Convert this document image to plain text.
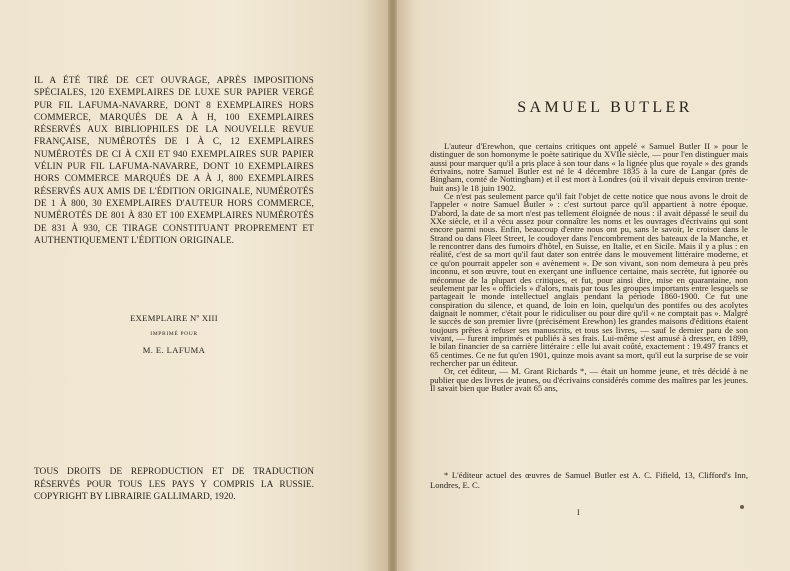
IL A ÉTÉ TIRÉ DE CET OUVRAGE, APRÈS IMPOSITIONS SPÉCIALES, 120 EXEMPLAIRES DE LUXE SUR PAPIER VERGÉ PUR FIL LAFUMA-NAVARRE, DONT 8 EXEMPLAIRES HORS COMMERCE, MARQUÉS DE A À H, 100 EXEMPLAIRES RÉSERVÉS AUX BIBLIOPHILES DE LA NOUVELLE REVUE FRANÇAISE, NUMÉROTÉS DE I À C, 12 EXEMPLAIRES NUMÉROTÉS DE CI À CXII ET 940 EXEMPLAIRES SUR PAPIER VÉLIN PUR FIL LAFUMA-NAVARRE, DONT 10 EXEMPLAIRES HORS COMMERCE MARQUÉS DE A À J, 800 EXEMPLAIRES RÉSERVÉS AUX AMIS DE L'ÉDITION ORIGINALE, NUMÉROTÉS DE 1 À 800, 30 EXEMPLAIRES D'AUTEUR HORS COMMERCE, NUMÉROTÉS DE 801 À 830 ET 100 EXEMPLAIRES NUMÉROTÉS DE 831 À 930, CE TIRAGE CONSTITUANT PROPREMENT ET AUTHENTIQUEMENT L'ÉDITION ORIGINALE.

EXEMPLAIRE Nº XIII
IMPRIMÉ POUR
M. E. LAFUMA

TOUS DROITS DE REPRODUCTION ET DE TRADUCTION RÉSERVÉS POUR TOUS LES PAYS Y COMPRIS LA RUSSIE. COPYRIGHT BY LIBRAIRIE GALLIMARD, 1920.

SAMUEL BUTLER

L'auteur d'Erewhon, que certains critiques ont appelé « Samuel Butler II » pour le distinguer de son homonyme le poète satirique du XVIIe siècle, — pour l'en distinguer mais aussi pour marquer qu'il a pris place à son tour dans « la lignée plus que royale » des grands écrivains, notre Samuel Butler est né le 4 décembre 1835 à la cure de Langar (près de Bingham, comté de Nottingham) et il est mort à Londres (où il vivait depuis environ trente-huit ans) le 18 juin 1902.

Ce n'est pas seulement parce qu'il fait l'objet de cette notice que nous avons le droit de l'appeler « notre Samuel Butler » : c'est surtout parce qu'il appartient à notre époque. D'abord, la date de sa mort n'est pas tellement éloignée de nous : il avait dépassé le seuil du XXe siècle, et il a vécu assez pour connaître les noms et les ouvrages d'écrivains qui sont encore parmi nous. Enfin, beaucoup d'entre nous ont pu, sans le savoir, le croiser dans le Strand ou dans Fleet Street, le coudoyer dans l'encombrement des bateaux de la Manche, et le rencontrer dans des fumoirs d'hôtel, en Suisse, en Italie, et en Sicile. Mais il y a plus : en réalité, c'est de sa mort qu'il faut dater son entrée dans le mouvement littéraire moderne, et ce qu'on pourrait appeler son « avènement ». De son vivant, son nom demeura à peu près inconnu, et son œuvre, tout en exerçant une influence certaine, mais secrète, fut ignorée ou méconnue de la plupart des critiques, et fut, pour ainsi dire, mise en quarantaine, non seulement par les « officiels » d'alors, mais par tous les groupes importants entre lesquels se partageait le monde intellectuel anglais pendant la période 1860-1900. Ce fut une conspiration du silence, et quand, de loin en loin, quelqu'un des pontifes ou des acolytes daignait le nommer, c'était pour le ridiculiser ou pour dire qu'il « ne comptait pas ». Malgré le succès de son premier livre (précisément Erewhon) les grandes maisons d'éditions étaient toujours prêtes à refuser ses manuscrits, et tous ses livres, — sauf le dernier paru de son vivant, — furent imprimés et publiés à ses frais. Lui-même s'est amusé à dresser, en 1899, le bilan financier de sa carrière littéraire : elle lui avait coûté, exactement : 19.497 francs et 65 centimes. Ce ne fut qu'en 1901, quinze mois avant sa mort, qu'il eut la surprise de se voir rechercher par un éditeur.

Or, cet éditeur, — M. Grant Richards *, — était un homme jeune, et très décidé à ne publier que des livres de jeunes, ou d'écrivains considérés comme des maîtres par les jeunes. Il savait bien que Butler avait 65 ans,

* L'éditeur actuel des œuvres de Samuel Butler est A. C. Fifield, 13, Clifford's Inn, Londres, E. C.

I
